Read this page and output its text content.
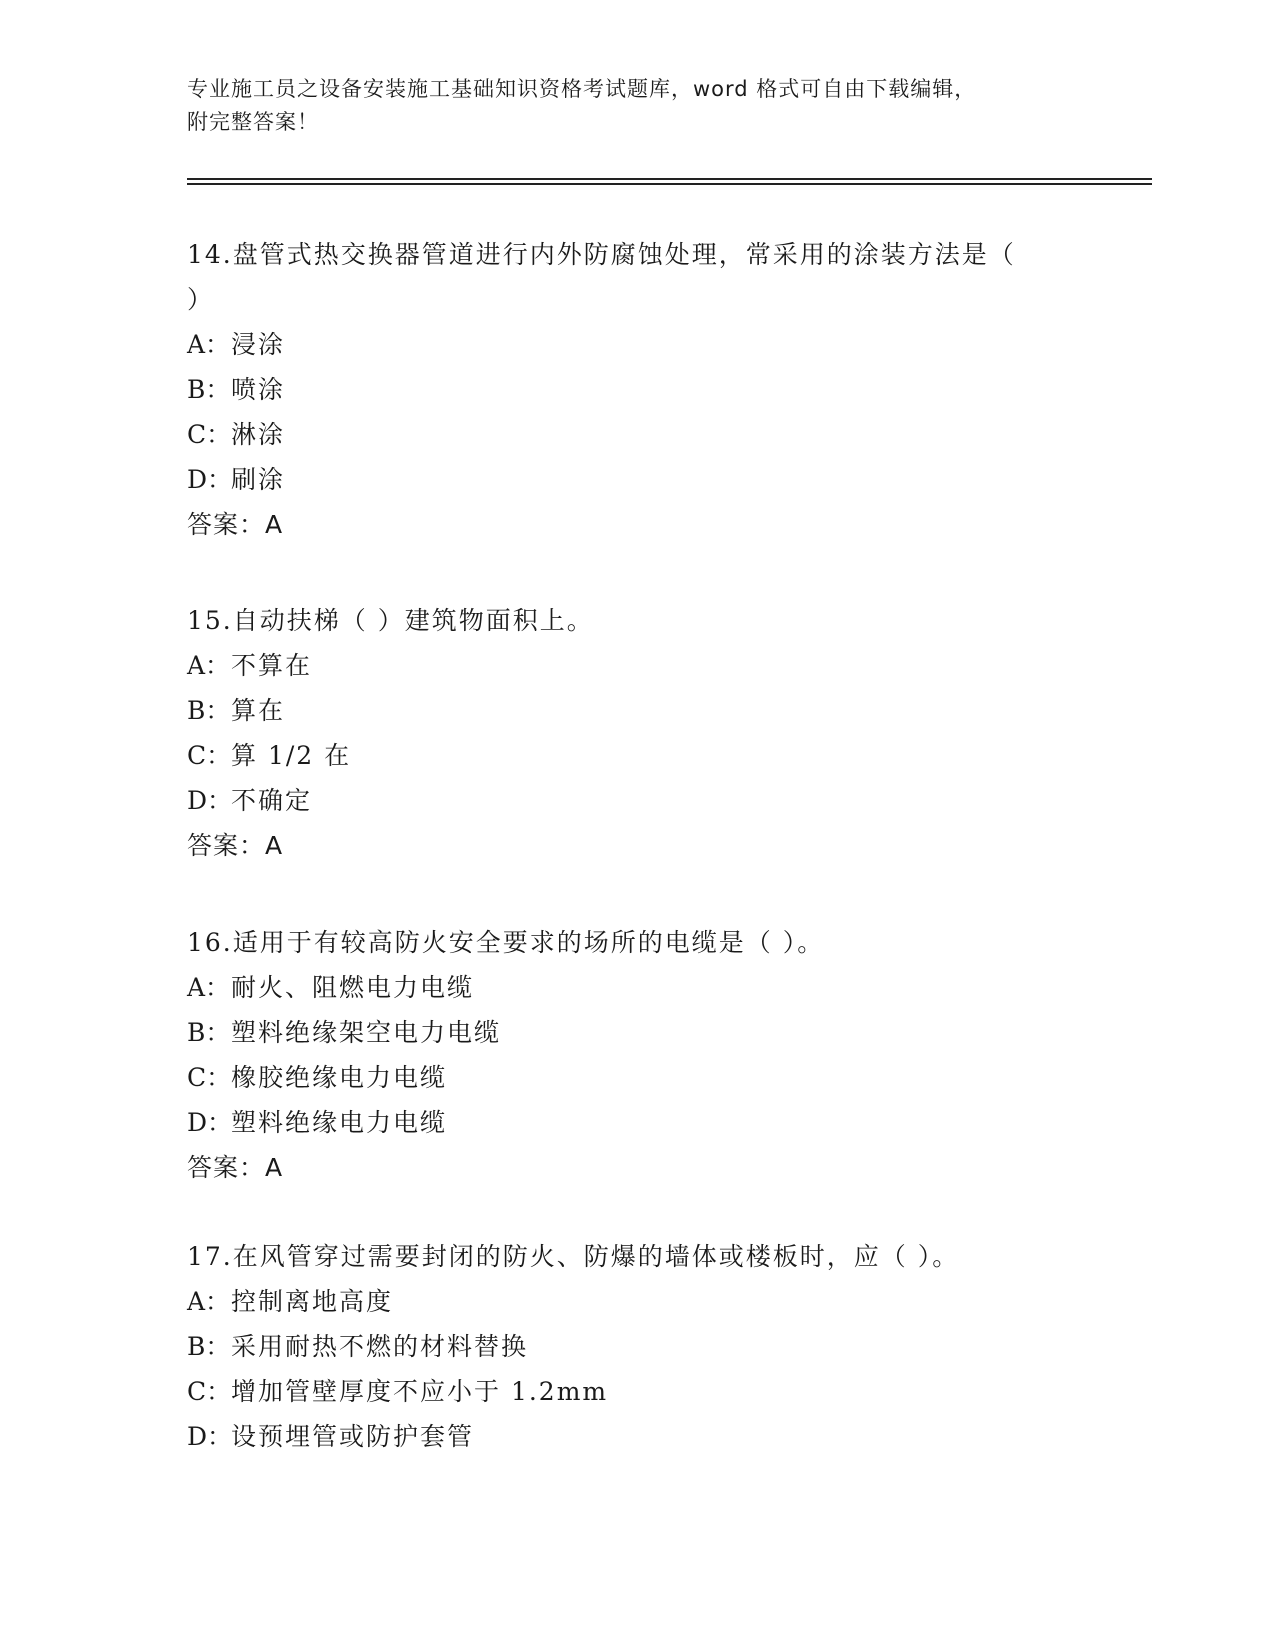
专业施工员之设备安装施工基础知识资格考试题库，word 格式可自由下载编辑，
附完整答案！
14.盘管式热交换器管道进行内外防腐蚀处理，常采用的涂装方法是（
）
A：浸涂
B：喷涂
C：淋涂
D：刷涂
答案：A
15.自动扶梯（ ）建筑物面积上。
A：不算在
B：算在
C：算 1/2 在
D：不确定
答案：A
16.适用于有较高防火安全要求的场所的电缆是（ ）。
A：耐火、阻燃电力电缆
B：塑料绝缘架空电力电缆
C：橡胶绝缘电力电缆
D：塑料绝缘电力电缆
答案：A
17.在风管穿过需要封闭的防火、防爆的墙体或楼板时，应（ ）。
A：控制离地高度
B：采用耐热不燃的材料替换
C：增加管壁厚度不应小于 1.2mm
D：设预埋管或防护套管
